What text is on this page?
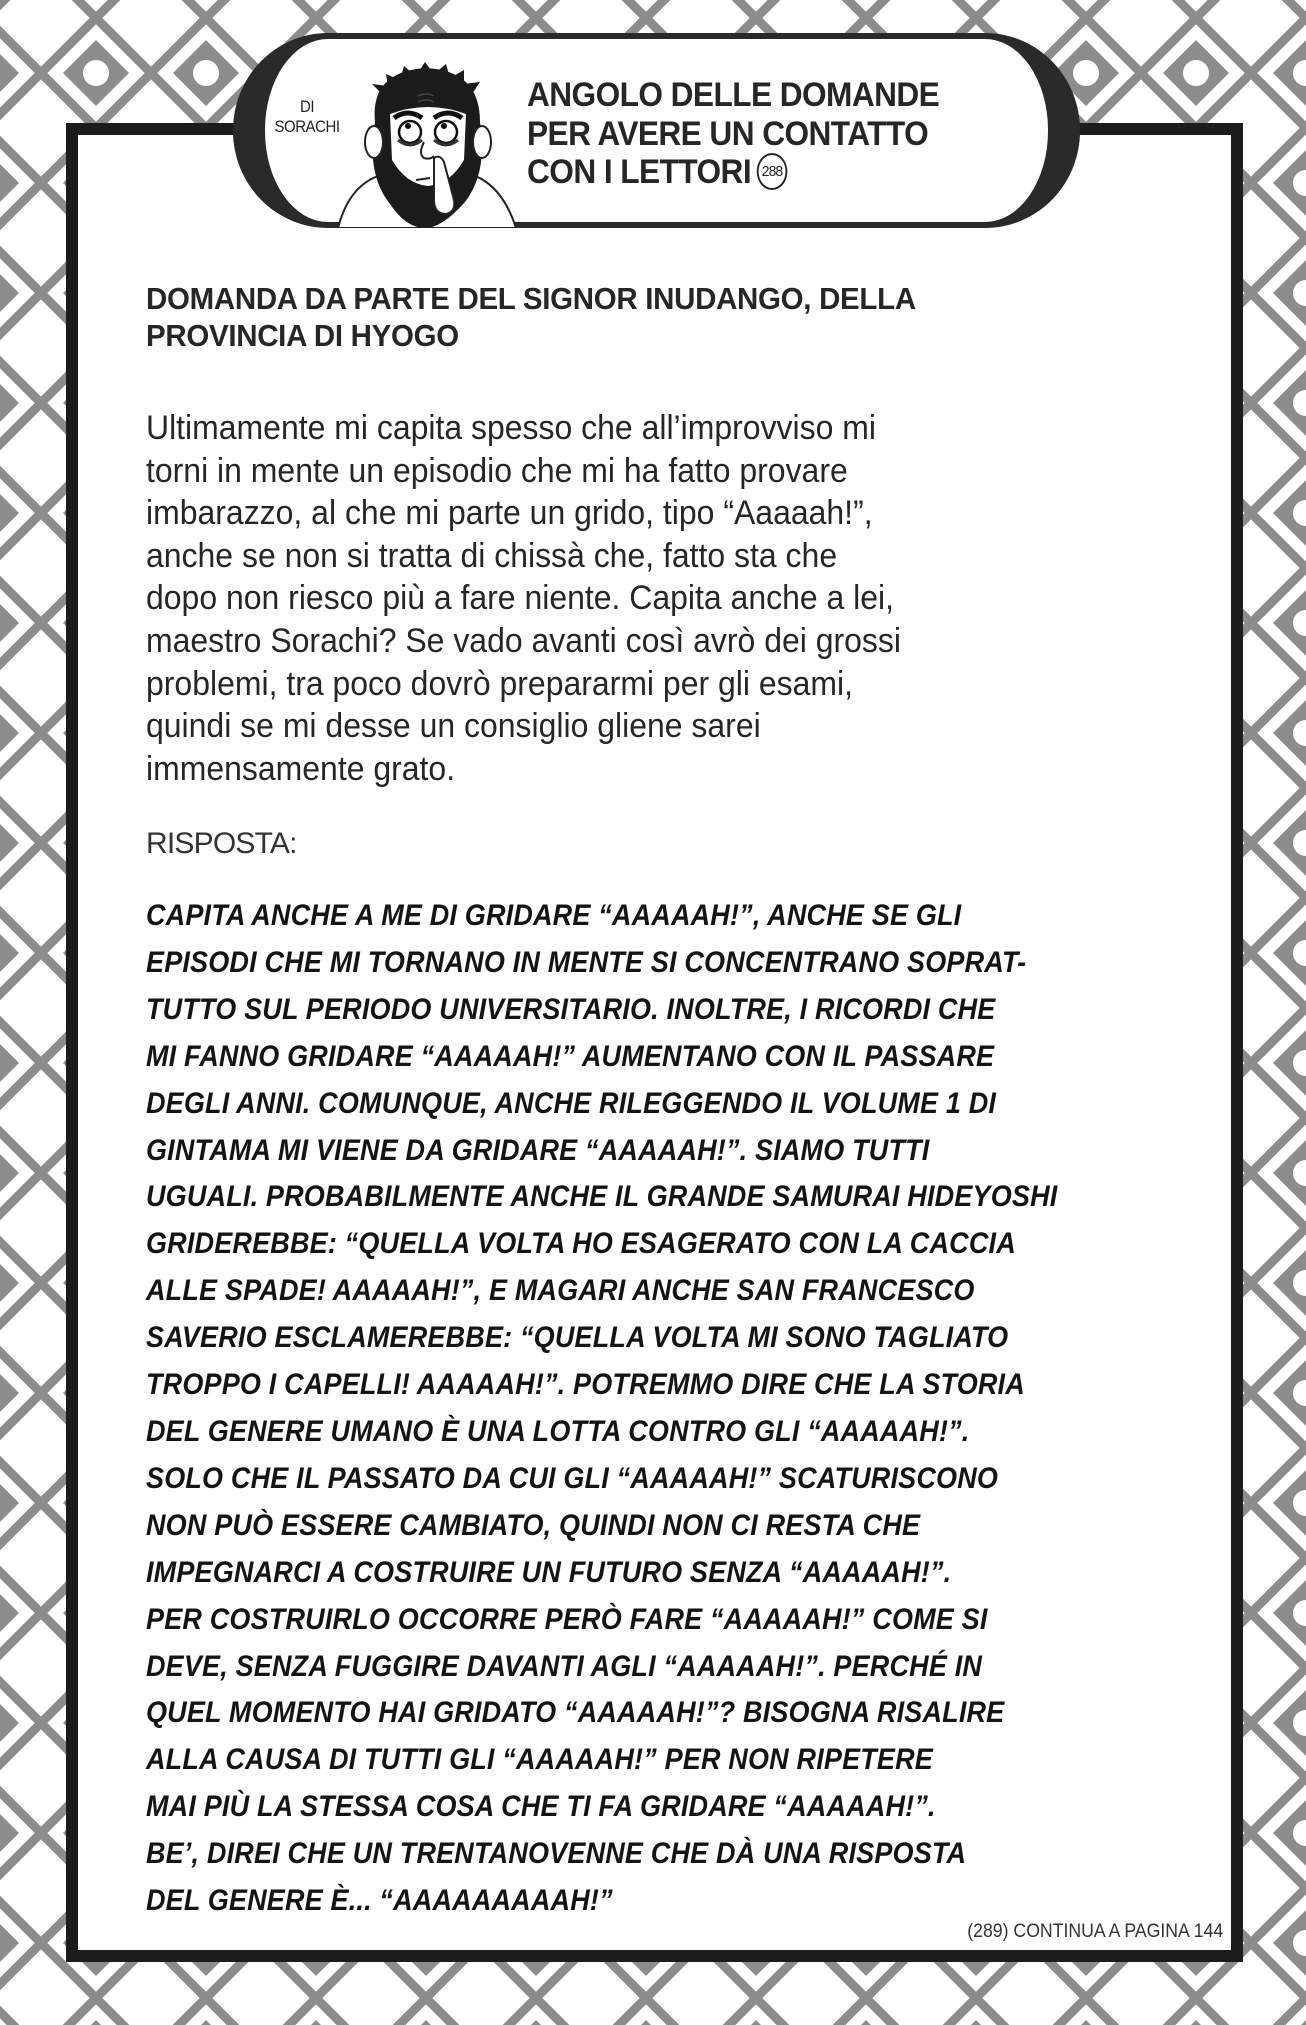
DI
SORACHI
ANGOLO DELLE DOMANDE
PER AVERE UN CONTATTO
CON I LETTORI 288
DOMANDA DA PARTE DEL SIGNOR INUDANGO, DELLA
PROVINCIA DI HYOGO
Ultimamente mi capita spesso che all’improvviso mi
torni in mente un episodio che mi ha fatto provare
imbarazzo, al che mi parte un grido, tipo “Aaaaah!”,
anche se non si tratta di chissà che, fatto sta che
dopo non riesco più a fare niente. Capita anche a lei,
maestro Sorachi? Se vado avanti così avrò dei grossi
problemi, tra poco dovrò prepararmi per gli esami,
quindi se mi desse un consiglio gliene sarei
immensamente grato.
RISPOSTA:
CAPITA ANCHE A ME DI GRIDARE “AAAAAH!”, ANCHE SE GLI
EPISODI CHE MI TORNANO IN MENTE SI CONCENTRANO SOPRAT-
TUTTO SUL PERIODO UNIVERSITARIO. INOLTRE, I RICORDI CHE
MI FANNO GRIDARE “AAAAAH!” AUMENTANO CON IL PASSARE
DEGLI ANNI. COMUNQUE, ANCHE RILEGGENDO IL VOLUME 1 DI
GINTAMA MI VIENE DA GRIDARE “AAAAAH!”. SIAMO TUTTI
UGUALI. PROBABILMENTE ANCHE IL GRANDE SAMURAI HIDEYOSHI
GRIDEREBBE: “QUELLA VOLTA HO ESAGERATO CON LA CACCIA
ALLE SPADE! AAAAAH!”, E MAGARI ANCHE SAN FRANCESCO
SAVERIO ESCLAMEREBBE: “QUELLA VOLTA MI SONO TAGLIATO
TROPPO I CAPELLI! AAAAAH!”. POTREMMO DIRE CHE LA STORIA
DEL GENERE UMANO È UNA LOTTA CONTRO GLI “AAAAAH!”.
SOLO CHE IL PASSATO DA CUI GLI “AAAAAH!” SCATURISCONO
NON PUÒ ESSERE CAMBIATO, QUINDI NON CI RESTA CHE
IMPEGNARCI A COSTRUIRE UN FUTURO SENZA “AAAAAH!”.
PER COSTRUIRLO OCCORRE PERÒ FARE “AAAAAH!” COME SI
DEVE, SENZA FUGGIRE DAVANTI AGLI “AAAAAH!”. PERCHÉ IN
QUEL MOMENTO HAI GRIDATO “AAAAAH!”? BISOGNA RISALIRE
ALLA CAUSA DI TUTTI GLI “AAAAAH!” PER NON RIPETERE
MAI PIÙ LA STESSA COSA CHE TI FA GRIDARE “AAAAAH!”.
BE’, DIREI CHE UN TRENTANOVENNE CHE DÀ UNA RISPOSTA
DEL GENERE È... “AAAAAAAAAH!”
(289) CONTINUA A PAGINA 144
